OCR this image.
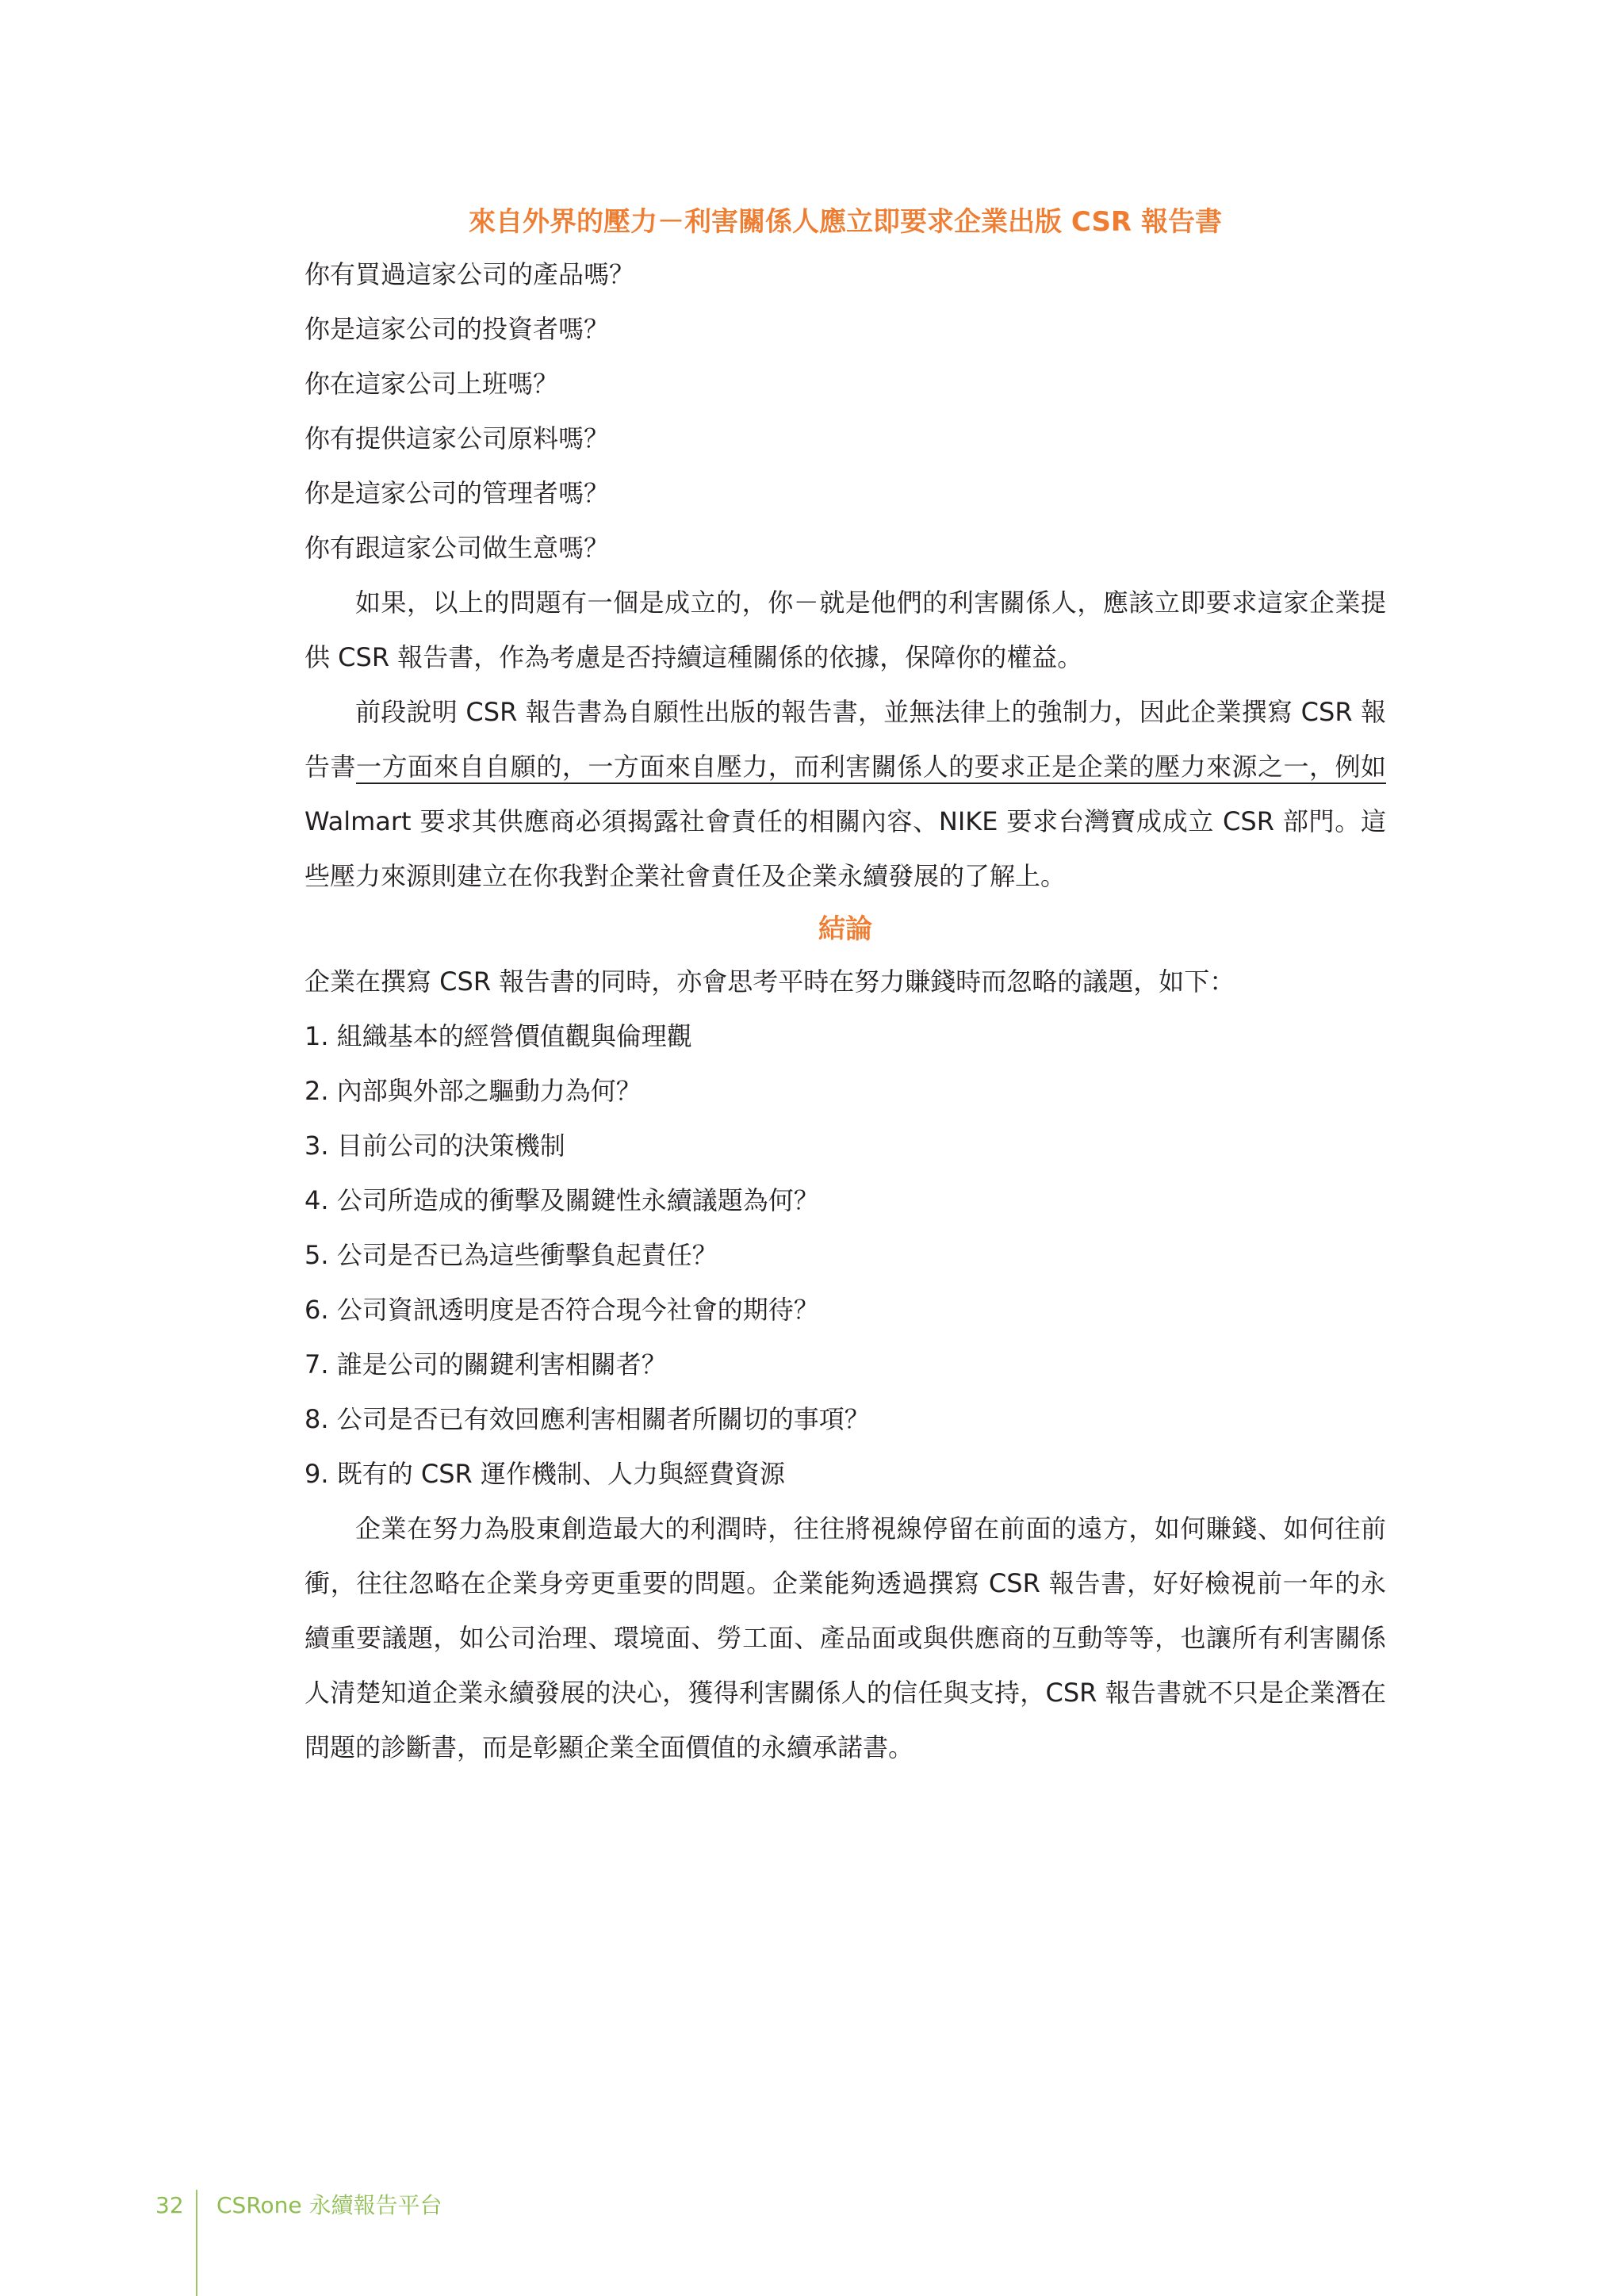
來自外界的壓力－利害關係人應立即要求企業出版 CSR 報告書
你有買過這家公司的產品嗎？
你是這家公司的投資者嗎？
你在這家公司上班嗎？
你有提供這家公司原料嗎？
你是這家公司的管理者嗎？
你有跟這家公司做生意嗎？

如果，以上的問題有一個是成立的，你－就是他們的利害關係人，應該立即要求這家企業提供 CSR 報告書，作為考慮是否持續這種關係的依據，保障你的權益。

前段說明 CSR 報告書為自願性出版的報告書，並無法律上的強制力，因此企業撰寫 CSR 報告書一方面來自自願的，一方面來自壓力，而利害關係人的要求正是企業的壓力來源之一，例如 Walmart 要求其供應商必須揭露社會責任的相關內容、NIKE 要求台灣寶成成立 CSR 部門。這些壓力來源則建立在你我對企業社會責任及企業永續發展的了解上。

結論
企業在撰寫 CSR 報告書的同時，亦會思考平時在努力賺錢時而忽略的議題，如下：
1. 組織基本的經營價值觀與倫理觀
2. 內部與外部之驅動力為何？
3. 目前公司的決策機制
4. 公司所造成的衝擊及關鍵性永續議題為何？
5. 公司是否已為這些衝擊負起責任？
6. 公司資訊透明度是否符合現今社會的期待？
7. 誰是公司的關鍵利害相關者？
8. 公司是否已有效回應利害相關者所關切的事項？
9. 既有的 CSR 運作機制、人力與經費資源

企業在努力為股東創造最大的利潤時，往往將視線停留在前面的遠方，如何賺錢、如何往前衝，往往忽略在企業身旁更重要的問題。企業能夠透過撰寫 CSR 報告書，好好檢視前一年的永續重要議題，如公司治理、環境面、勞工面、產品面或與供應商的互動等等，也讓所有利害關係人清楚知道企業永續發展的決心，獲得利害關係人的信任與支持，CSR 報告書就不只是企業潛在問題的診斷書，而是彰顯企業全面價值的永續承諾書。

32 CSRone 永續報告平台
